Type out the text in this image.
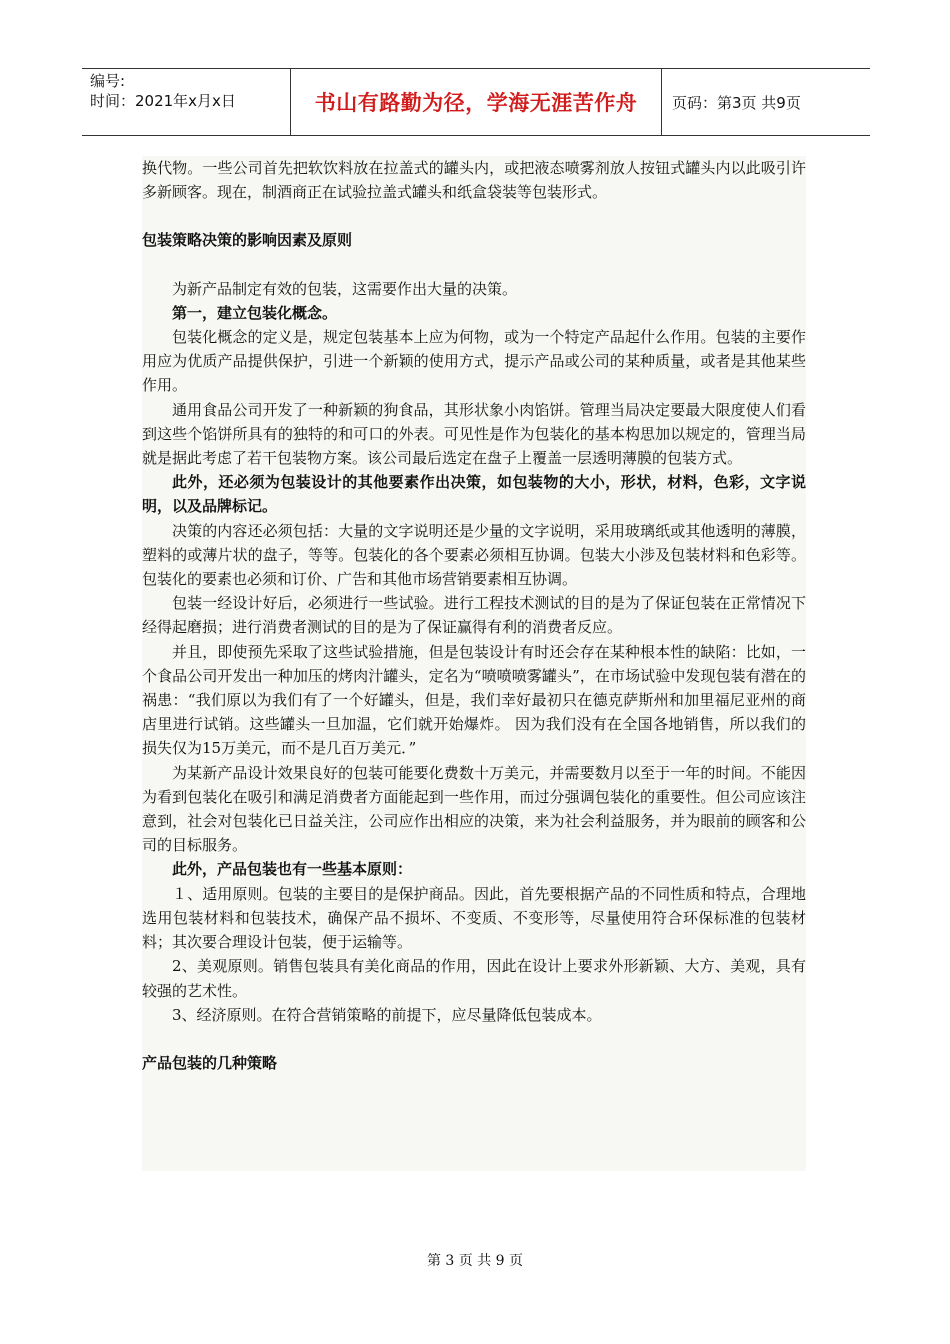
编号:
时间：2021年x月x日	书山有路勤为径，学海无涯苦作舟	页码：第3页 共9页

换代物。一些公司首先把软饮料放在拉盖式的罐头内，或把液态喷雾剂放人按钮式罐头内以此吸引许多新顾客。现在，制酒商正在试验拉盖式罐头和纸盒袋装等包装形式。

包装策略决策的影响因素及原则

为新产品制定有效的包装，这需要作出大量的决策。

第一，建立包装化概念。

包装化概念的定义是，规定包装基本上应为何物，或为一个特定产品起什么作用。包装的主要作用应为优质产品提供保护，引进一个新颖的使用方式，提示产品或公司的某种质量，或者是其他某些作用。

通用食品公司开发了一种新颖的狗食品，其形状象小肉馅饼。管理当局决定要最大限度使人们看到这些个馅饼所具有的独特的和可口的外表。可见性是作为包装化的基本构思加以规定的，管理当局就是据此考虑了若干包装物方案。该公司最后选定在盘子上覆盖一层透明薄膜的包装方式。

此外，还必须为包装设计的其他要素作出决策，如包装物的大小，形状，材料，色彩，文字说明，以及品牌标记。

决策的内容还必须包括：大量的文字说明还是少量的文字说明，采用玻璃纸或其他透明的薄膜，塑料的或薄片状的盘子，等等。包装化的各个要素必须相互协调。包装大小涉及包装材料和色彩等。包装化的要素也必须和订价、广告和其他市场营销要素相互协调。

包装一经设计好后，必须进行一些试验。进行工程技术测试的目的是为了保证包装在正常情况下经得起磨损；进行消费者测试的目的是为了保证赢得有利的消费者反应。

并且，即使预先采取了这些试验措施，但是包装设计有时还会存在某种根本性的缺陷：比如，一个食品公司开发出一种加压的烤肉汁罐头，定名为“喷喷喷雾罐头”，在市场试验中发现包装有潜在的祸患：“我们原以为我们有了一个好罐头，但是，我们幸好最初只在德克萨斯州和加里福尼亚州的商店里进行试销。这些罐头一旦加温，它们就开始爆炸。 因为我们没有在全国各地销售，所以我们的损失仅为15万美元，而不是几百万美元．”

为某新产品设计效果良好的包装可能要化费数十万美元，并需要数月以至于一年的时间。不能因为看到包装化在吸引和满足消费者方面能起到一些作用，而过分强调包装化的重要性。但公司应该注意到，社会对包装化已日益关注，公司应作出相应的决策，来为社会利益服务，并为眼前的顾客和公司的目标服务。

此外，产品包装也有一些基本原则：

１、适用原则。包装的主要目的是保护商品。因此，首先要根据产品的不同性质和特点，合理地选用包装材料和包装技术，确保产品不损坏、不变质、不变形等，尽量使用符合环保标准的包装材料；其次要合理设计包装，便于运输等。

2、美观原则。销售包装具有美化商品的作用，因此在设计上要求外形新颖、大方、美观，具有较强的艺术性。

3、经济原则。在符合营销策略的前提下，应尽量降低包装成本。

产品包装的几种策略

第 3 页 共 9 页
